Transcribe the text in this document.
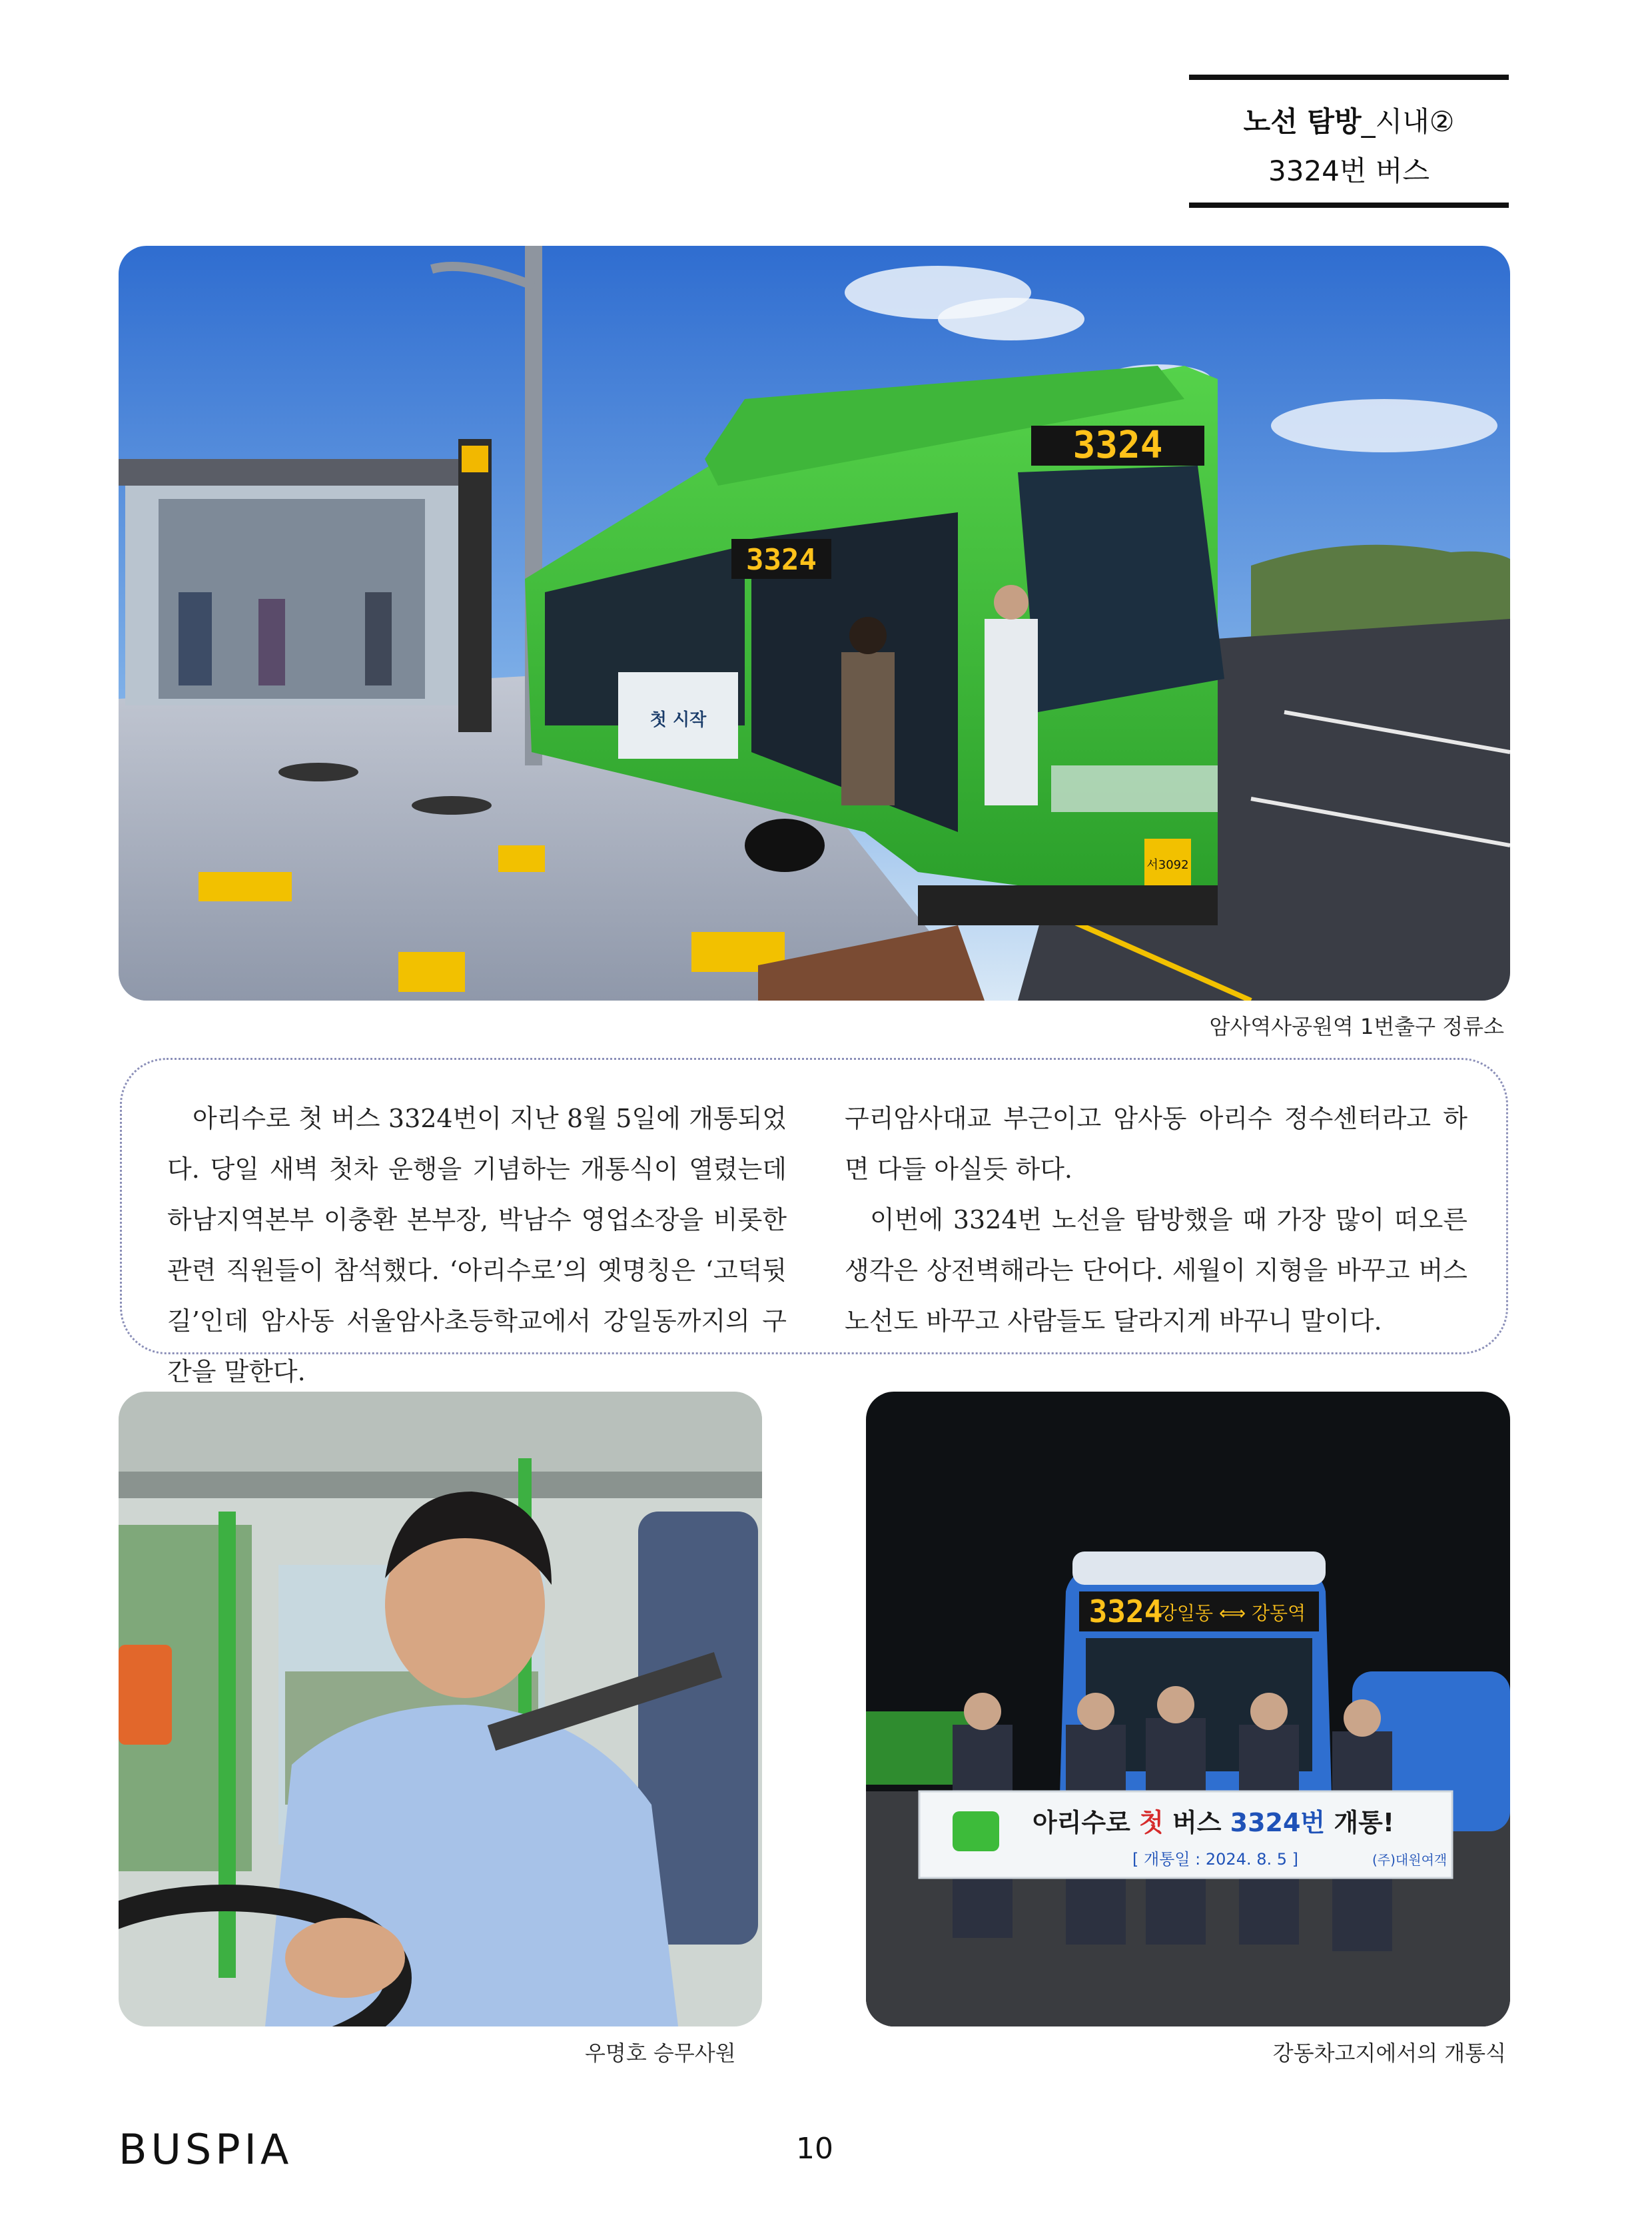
노선 탐방_시내②
3324번 버스
3324
3324
서3092
첫 시작
암사역사공원역 1번출구 정류소

아리수로 첫 버스 3324번이 지난 8월 5일에 개통되었다. 당일 새벽 첫차 운행을 기념하는 개통식이 열렸는데 하남지역본부 이충환 본부장, 박남수 영업소장을 비롯한 관련 직원들이 참석했다. ‘아리수로’의 옛명칭은 ‘고덕뒷길’인데 암사동 서울암사초등학교에서 강일동까지의 구간을 말한다.

구리암사대교 부근이고 암사동 아리수 정수센터라고 하면 다들 아실듯 하다.

이번에 3324번 노선을 탐방했을 때 가장 많이 떠오른 생각은 상전벽해라는 단어다. 세월이 지형을 바꾸고 버스 노선도 바꾸고 사람들도 달라지게 바꾸니 말이다.

우명호 승무사원
3324
강일동 ⟺ 강동역
아리수로 첫 버스 3324번 개통!
[ 개통일 : 2024. 8. 5 ]	(주)대원여객
강동차고지에서의 개통식
BUSPIA	10
